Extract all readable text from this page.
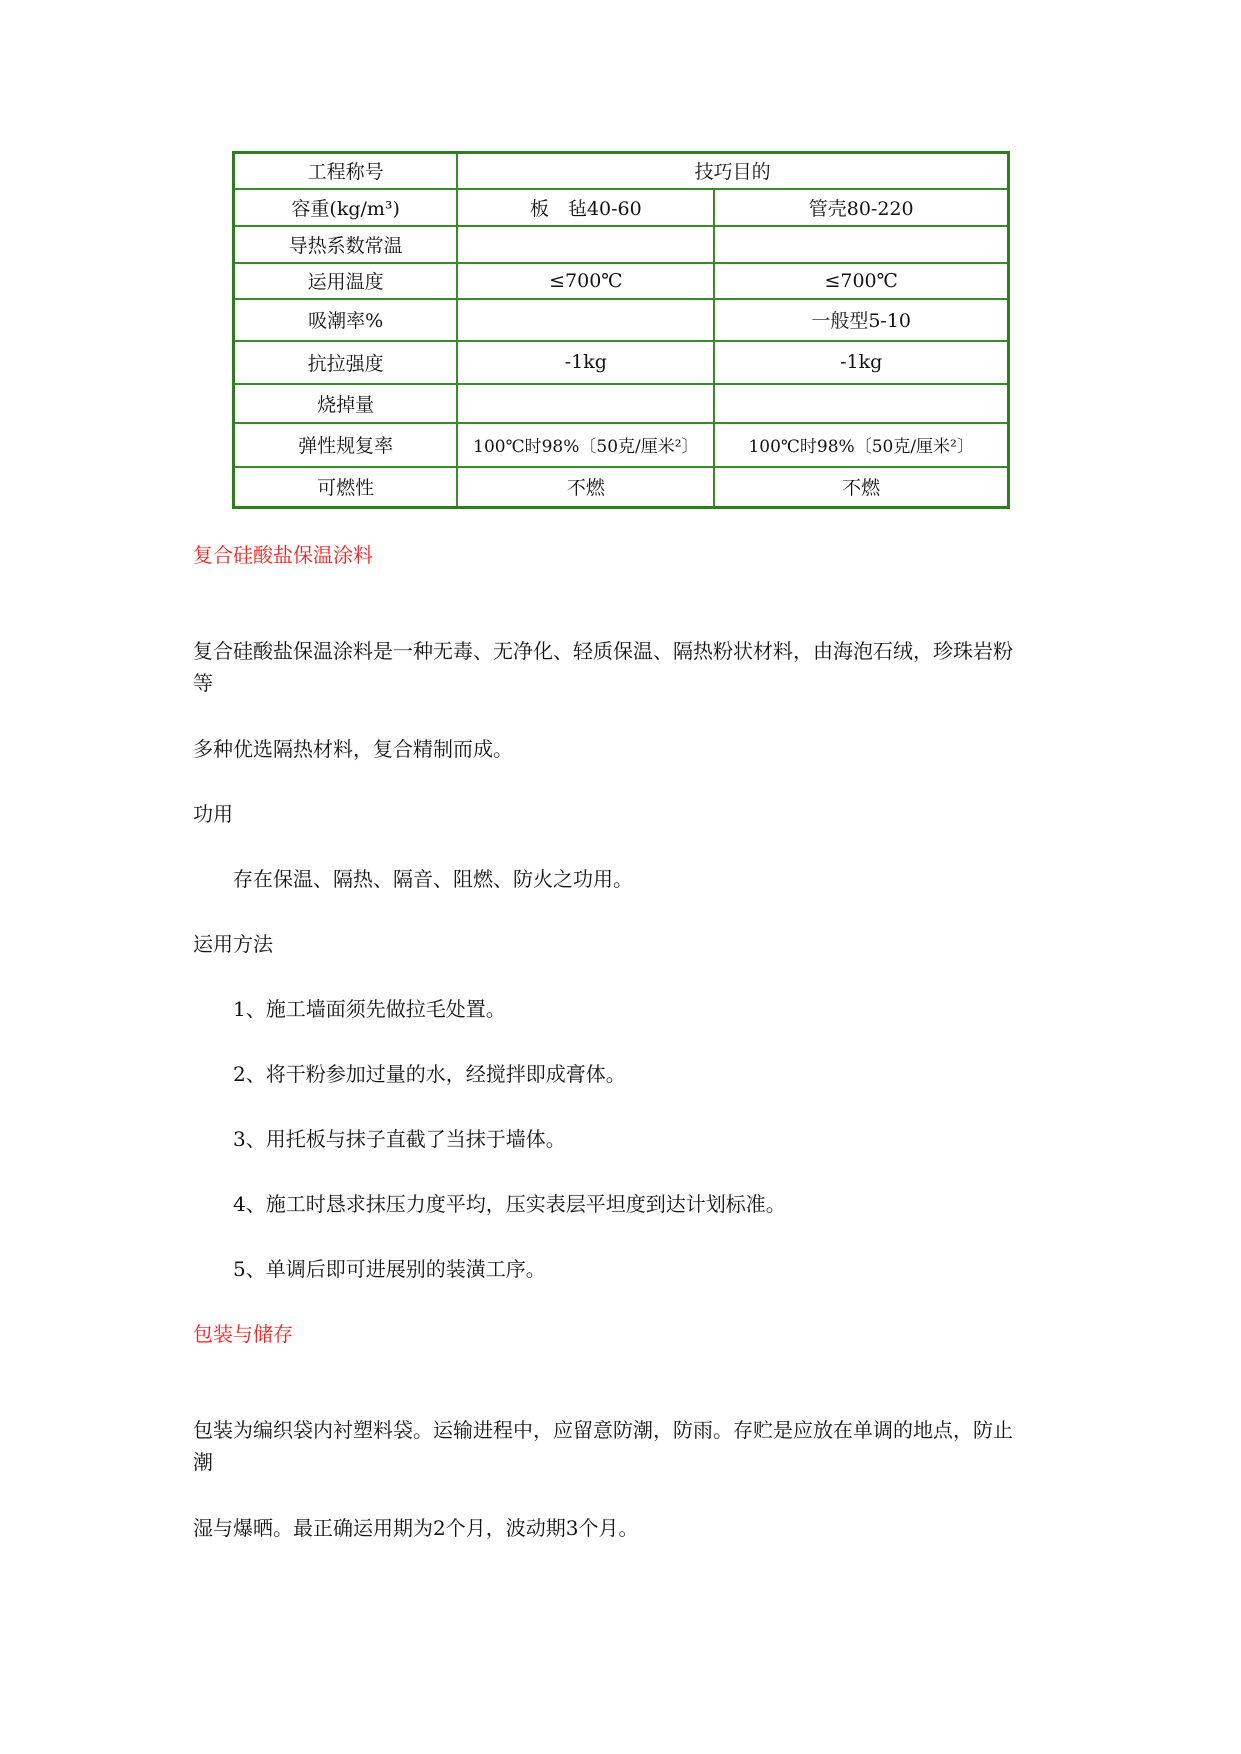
工程称号	技巧目的	
容重(kg/m³)	板　毡40-60	管壳80-220
导热系数常温		
运用温度	≤700℃	≤700℃
吸潮率%		一般型5-10
抗拉强度	-1kg	-1kg
烧掉量		
弹性规复率	100℃时98%〔50克/厘米²〕	100℃时98%〔50克/厘米²〕
可燃性	不燃	不燃

复合硅酸盐保温涂料

复合硅酸盐保温涂料是一种无毒、无净化、轻质保温、隔热粉状材料，由海泡石绒，珍珠岩粉

等

多种优选隔热材料，复合精制而成。

功用

存在保温、隔热、隔音、阻燃、防火之功用。

运用方法

1、施工墙面须先做拉毛处置。

2、将干粉参加过量的水，经搅拌即成膏体。

3、用托板与抹子直截了当抹于墙体。

4、施工时恳求抹压力度平均，压实表层平坦度到达计划标准。

5、单调后即可进展别的装潢工序。

包装与储存

包装为编织袋内衬塑料袋。运输进程中，应留意防潮，防雨。存贮是应放在单调的地点，防止

潮

湿与爆晒。最正确运用期为2个月，波动期3个月。
